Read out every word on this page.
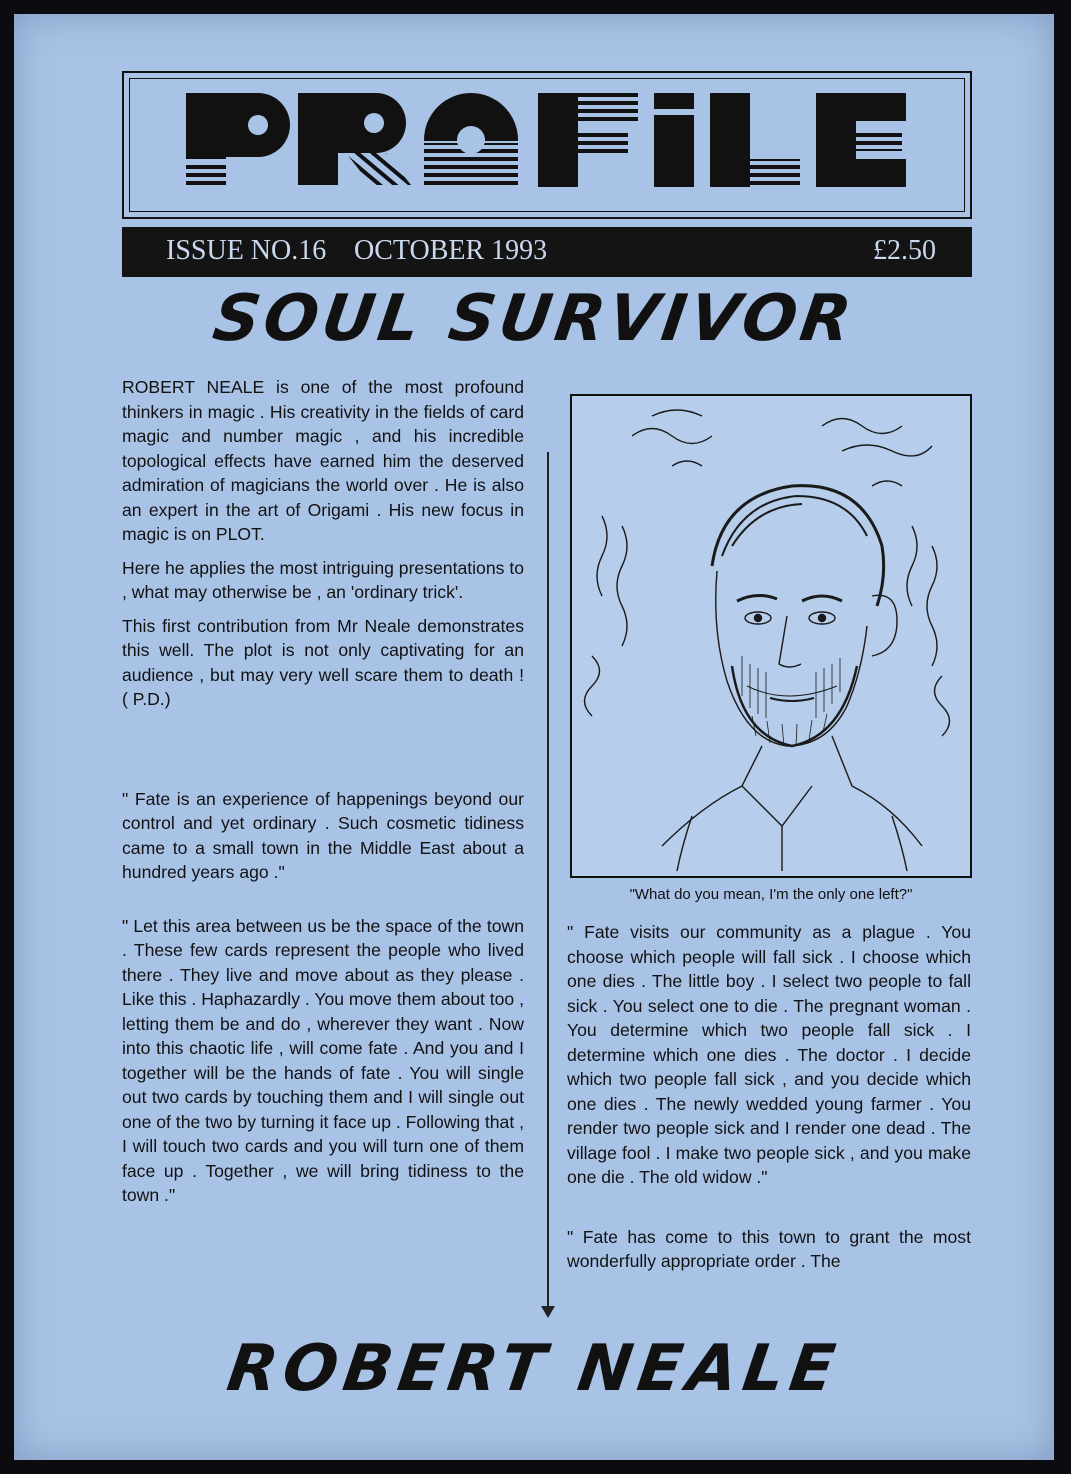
ISSUE NO.16 OCTOBER 1993	£2.50
SOUL SURVIVOR

ROBERT NEALE is one of the most profound thinkers in magic . His creativity in the fields of card magic and number magic , and his incredible topological effects have earned him the deserved admiration of magicians the world over . He is also an expert in the art of Origami . His new focus in magic is on PLOT.

Here he applies the most intriguing presentations to , what may otherwise be , an 'ordinary trick'.

This first contribution from Mr Neale demonstrates this well. The plot is not only captivating for an audience , but may very well scare them to death ! ( P.D.)

" Fate is an experience of happenings beyond our control and yet ordinary . Such cosmetic tidiness came to a small town in the Middle East about a hundred years ago ."

" Let this area between us be the space of the town . These few cards represent the people who lived there . They live and move about as they please . Like this . Haphazardly . You move them about too , letting them be and do , wherever they want . Now into this chaotic life , will come fate . And you and I together will be the hands of fate . You will single out two cards by touching them and I will single out one of the two by turning it face up . Following that , I will touch two cards and you will turn one of them face up . Together , we will bring tidiness to the town ."

"What do you mean, I'm the only one left?"

" Fate visits our community as a plague . You choose which people will fall sick . I choose which one dies . The little boy . I select two people to fall sick . You select one to die . The pregnant woman . You determine which two people fall sick . I determine which one dies . The doctor . I decide which two people fall sick , and you decide which one dies . The newly wedded young farmer . You render two people sick and I render one dead . The village fool . I make two people sick , and you make one die . The old widow ."

" Fate has come to this town to grant the most wonderfully appropriate order . The

ROBERT NEALE
